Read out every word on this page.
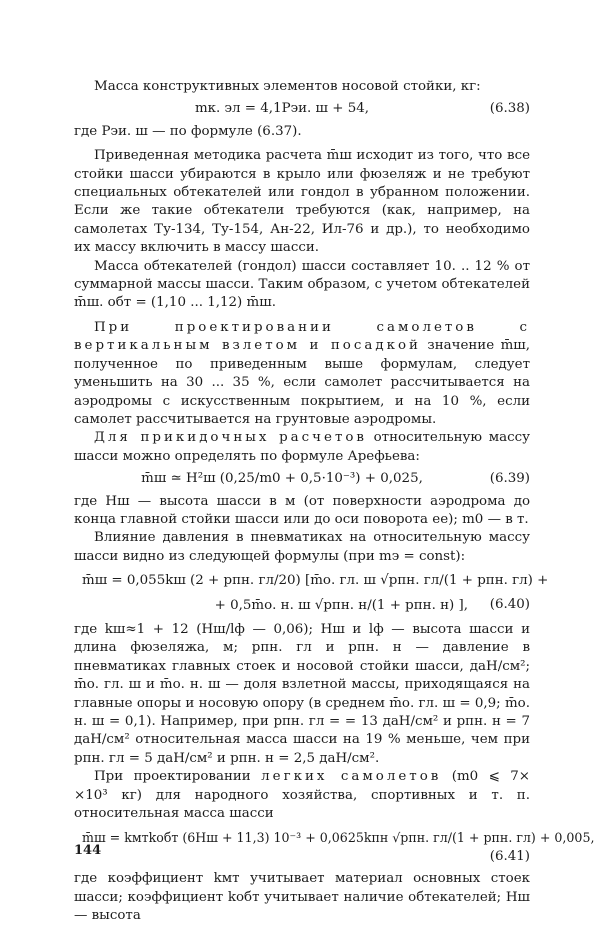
Масса конструктивных элементов носовой стойки, кг:

mк. эл = 4,1Pэи. ш + 54,	(6.38)

где Pэи. ш — по формуле (6.37).

Приведенная методика расчета m̄ш исходит из того, что все стойки шасси убираются в крыло или фюзеляж и не требуют специальных обтекателей или гондол в убранном положении. Если же такие обтекатели требуются (как, например, на самолетах Ту-134, Ту-154, Ан-22, Ил-76 и др.), то необходимо их массу включить в массу шасси.

Масса обтекателей (гондол) шасси составляет 10. .. 12 % от суммарной массы шасси. Таким образом, с учетом обтекателей m̄ш. обт = (1,10 ... 1,12) m̄ш.

При проектировании самолетов с вертикальным взлетом и посадкой значение m̄ш, полученное по приведенным выше формулам, следует уменьшить на 30 ... 35 %, если самолет рассчитывается на аэродромы с искусственным покрытием, и на 10 %, если самолет рассчитывается на грунтовые аэродромы.

Для прикидочных расчетов относительную массу шасси можно определять по формуле Арефьева:

m̄ш ≃ H²ш (0,25/m0 + 0,5·10⁻³) + 0,025,	(6.39)

где Hш — высота шасси в м (от поверхности аэродрома до конца главной стойки шасси или до оси поворота ее); m0 — в т.

Влияние давления в пневматиках на относительную массу шасси видно из следующей формулы (при mэ = const):

m̄ш = 0,055kш (2 + pпн. гл/20) [m̄о. гл. ш √pпн. гл/(1 + pпн. гл) +
+ 0,5m̄о. н. ш √pпн. н/(1 + pпн. н) ],	(6.40)

где kш≈1 + 12 (Hш/lф — 0,06); Hш и lф — высота шасси и длина фюзеляжа, м; pпн. гл и pпн. н — давление в пневматиках главных стоек и носовой стойки шасси, даН/см²; m̄о. гл. ш и m̄о. н. ш — доля взлетной массы, приходящаяся на главные опоры и носовую опору (в среднем m̄о. гл. ш = 0,9; m̄о. н. ш = 0,1). Например, при pпн. гл = = 13 даН/см² и pпн. н = 7 даН/см² относительная масса шасси на 19 % меньше, чем при pпн. гл = 5 даН/см² и pпн. н = 2,5 даН/см².

При проектировании легких самолетов (m0 ⩽ 7× ×10³ кг) для народного хозяйства, спортивных и т. п. относительная масса шасси

m̄ш = kмтkобт (6Hш + 11,3) 10⁻³ + 0,0625kпн √pпн. гл/(1 + pпн. гл) + 0,005,
(6.41)

где коэффициент kмт учитывает материал основных стоек шасси; коэффициент kобт учитывает наличие обтекателей; Hш — высота

144
